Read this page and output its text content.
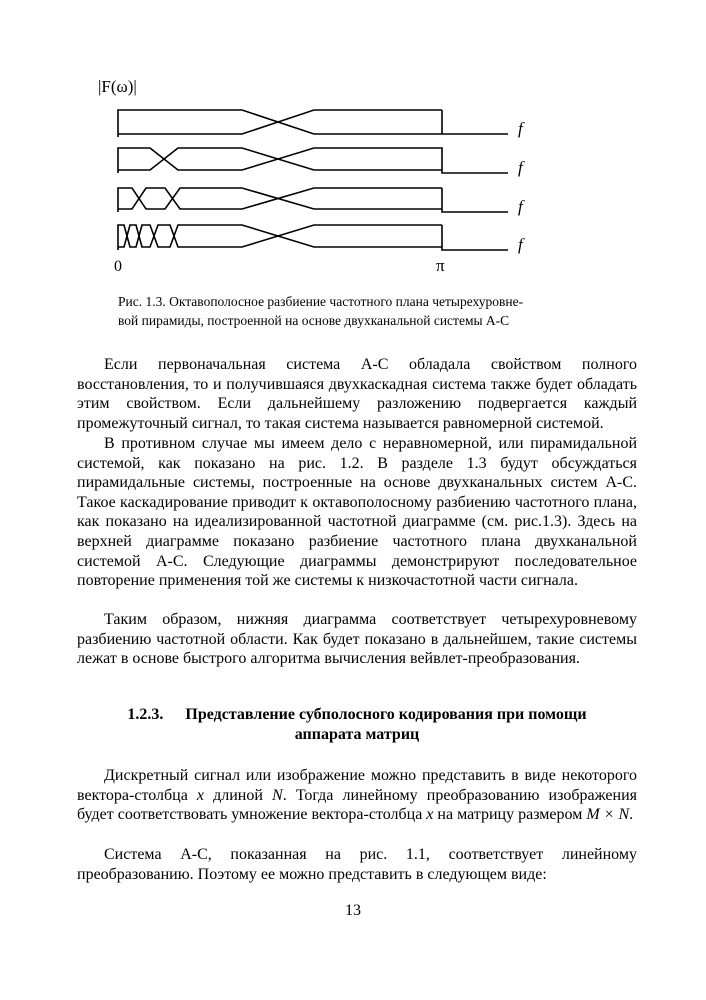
|F(ω)|
0	π
f
f
f
f
Рис. 1.3. Октавополосное разбиение частотного плана четырехуровне-
вой пирамиды, построенной на основе двухканальной системы А-С

Если первоначальная система А-С обладала свойством полного восстановления, то и получившаяся двухкаскадная система также будет обладать этим свойством. Если дальнейшему разложению подвергается каждый промежуточный сигнал, то такая система называется равномерной системой.

В противном случае мы имеем дело с неравномерной, или пирамидальной системой, как показано на рис. 1.2. В разделе 1.3 будут обсуждаться пирамидальные системы, построенные на основе двухканальных систем А-С. Такое каскадирование приводит к октавополосному разбиению частотного плана, как показано на идеализированной частотной диаграмме (см. рис.1.3). Здесь на верхней диаграмме показано разбиение частотного плана двухканальной системой А-С. Следующие диаграммы демонстрируют последовательное повторение применения той же системы к низкочастотной части сигнала.

Таким образом, нижняя диаграмма соответствует четырехуровневому разбиению частотной области. Как будет показано в дальнейшем, такие системы лежат в основе быстрого алгоритма вычисления вейвлет-преобразования.

1.2.3. Представление субполосного кодирования при помощи
аппарата матриц

Дискретный сигнал или изображение можно представить в виде некоторого вектора-столбца x длиной N. Тогда линейному преобразованию изображения будет соответствовать умножение вектора-столбца x на матрицу размером M × N.

Система А-С, показанная на рис. 1.1, соответствует линейному преобразованию. Поэтому ее можно представить в следующем виде:

13
